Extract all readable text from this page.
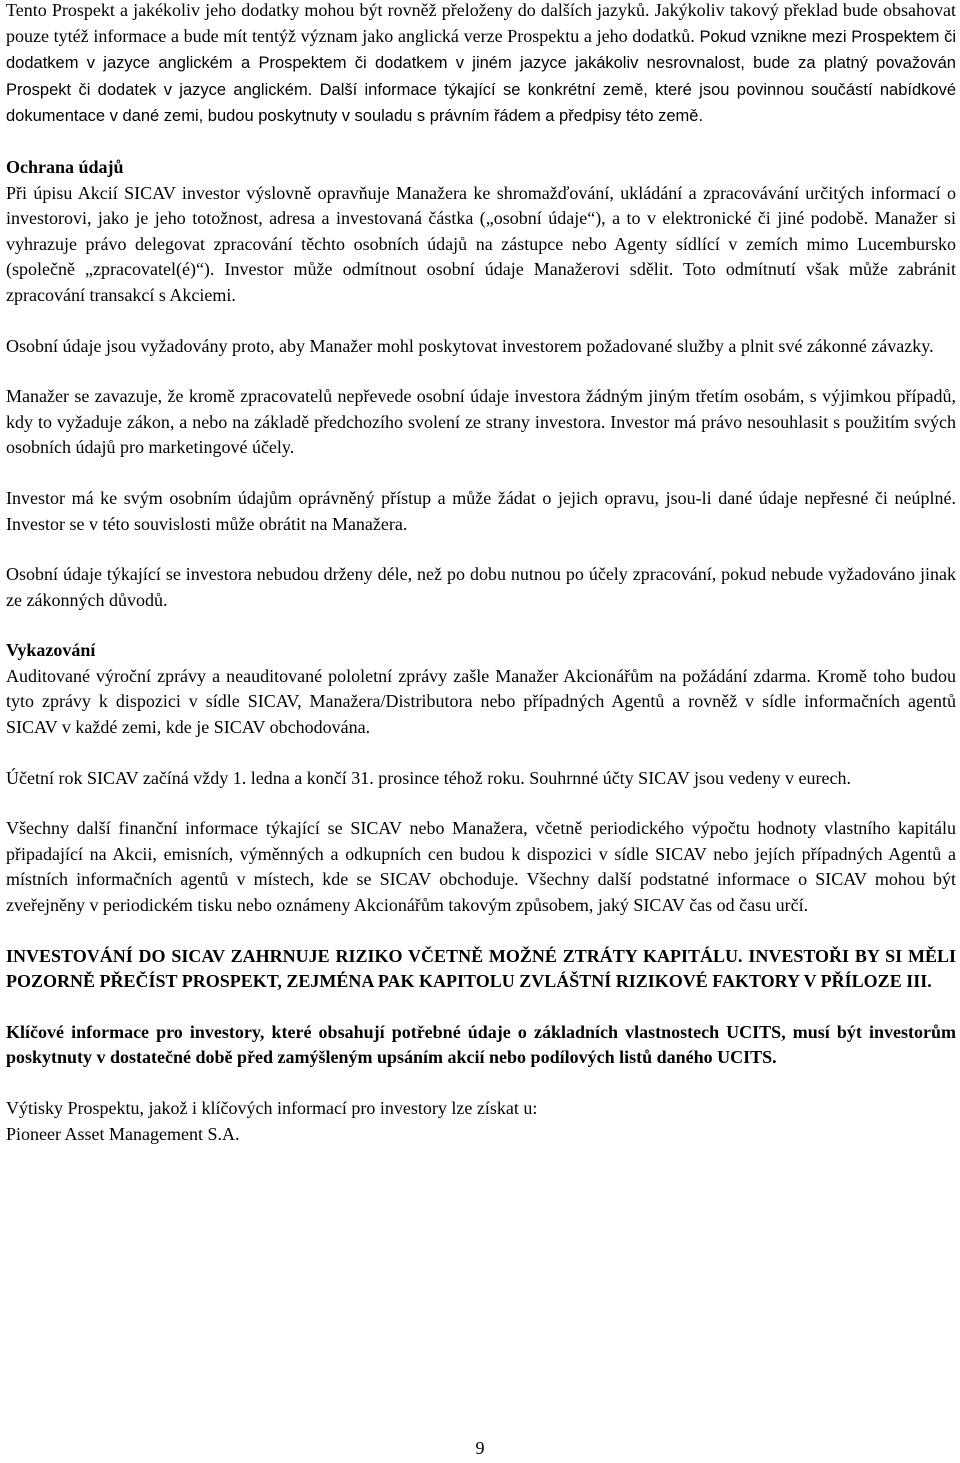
Tento Prospekt a jakékoliv jeho dodatky mohou být rovněž přeloženy do dalších jazyků. Jakýkoliv takový překlad bude obsahovat pouze tytéž informace a bude mít tentýž význam jako anglická verze Prospektu a jeho dodatků. Pokud vznikne mezi Prospektem či dodatkem v jazyce anglickém a Prospektem či dodatkem v jiném jazyce jakákoliv nesrovnalost, bude za platný považován Prospekt či dodatek v jazyce anglickém. Další informace týkající se konkrétní země, které jsou povinnou součástí nabídkové dokumentace v dané zemi, budou poskytnuty v souladu s právním řádem a předpisy této země.

Ochrana údajů
Při úpisu Akcií SICAV investor výslovně opravňuje Manažera ke shromažďování, ukládání a zpracovávání určitých informací o investorovi, jako je jeho totožnost, adresa a investovaná částka („osobní údaje“), a to v elektronické či jiné podobě. Manažer si vyhrazuje právo delegovat zpracování těchto osobních údajů na zástupce nebo Agenty sídlící v zemích mimo Lucembursko (společně „zpracovatel(é)“). Investor může odmítnout osobní údaje Manažerovi sdělit. Toto odmítnutí však může zabránit zpracování transakcí s Akciemi.

Osobní údaje jsou vyžadovány proto, aby Manažer mohl poskytovat investorem požadované služby a plnit své zákonné závazky.

Manažer se zavazuje, že kromě zpracovatelů nepřevede osobní údaje investora žádným jiným třetím osobám, s výjimkou případů, kdy to vyžaduje zákon, a nebo na základě předchozího svolení ze strany investora. Investor má právo nesouhlasit s použitím svých osobních údajů pro marketingové účely.

Investor má ke svým osobním údajům oprávněný přístup a může žádat o jejich opravu, jsou-li dané údaje nepřesné či neúplné. Investor se v této souvislosti může obrátit na Manažera.

Osobní údaje týkající se investora nebudou drženy déle, než po dobu nutnou po účely zpracování, pokud nebude vyžadováno jinak ze zákonných důvodů.

Vykazování
Auditované výroční zprávy a neauditované pololetní zprávy zašle Manažer Akcionářům na požádání zdarma. Kromě toho budou tyto zprávy k dispozici v sídle SICAV, Manažera/Distributora nebo případných Agentů a rovněž v sídle informačních agentů SICAV v každé zemi, kde je SICAV obchodována.

Účetní rok SICAV začíná vždy 1. ledna a končí 31. prosince téhož roku. Souhrnné účty SICAV jsou vedeny v eurech.

Všechny další finanční informace týkající se SICAV nebo Manažera, včetně periodického výpočtu hodnoty vlastního kapitálu připadající na Akcii, emisních, výměnných a odkupních cen budou k dispozici v sídle SICAV nebo jejích případných Agentů a místních informačních agentů v místech, kde se SICAV obchoduje. Všechny další podstatné informace o SICAV mohou být zveřejněny v periodickém tisku nebo oznámeny Akcionářům takovým způsobem, jaký SICAV čas od času určí.

INVESTOVÁNÍ DO SICAV ZAHRNUJE RIZIKO VČETNĚ MOŽNÉ ZTRÁTY KAPITÁLU. INVESTOŘI BY SI MĚLI POZORNĚ PŘEČÍST PROSPEKT, ZEJMÉNA PAK KAPITOLU ZVLÁŠTNÍ RIZIKOVÉ FAKTORY V PŘÍLOZE III.

Klíčové informace pro investory, které obsahují potřebné údaje o základních vlastnostech UCITS, musí být investorům poskytnuty v dostatečné době před zamýšleným upsáním akcií nebo podílových listů daného UCITS.

Výtisky Prospektu, jakož i klíčových informací pro investory lze získat u:
Pioneer Asset Management S.A.

9
